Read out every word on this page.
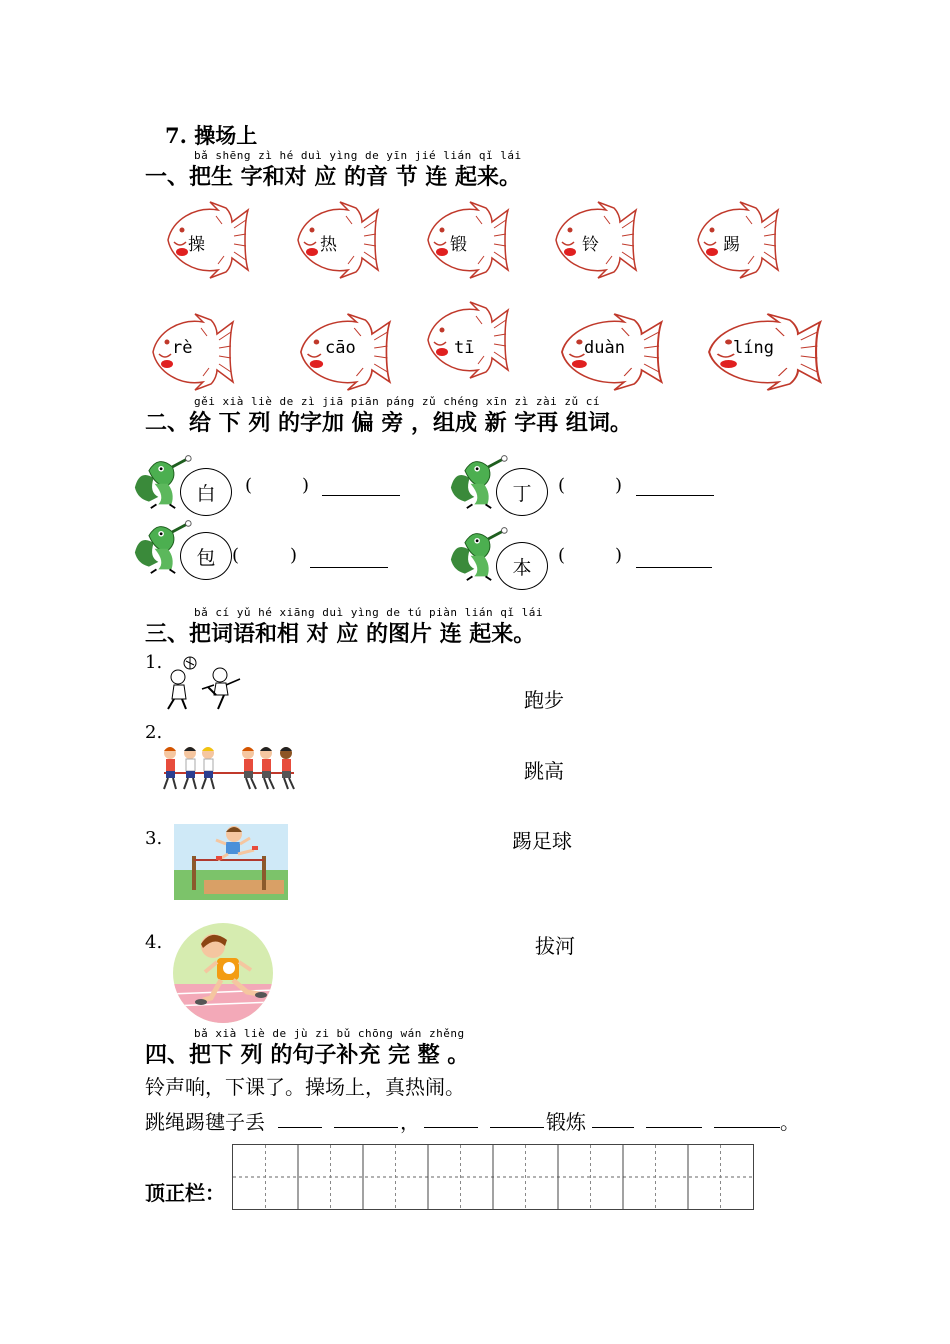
7. 操场上
bǎ shēng zì hé duì yìng de yīn jié lián qǐ lái
一、把生 字和对 应 的音 节 连 起来。
操	热	锻	铃	踢
rè	cāo	tī	duàn	líng
gěi xià liè de zì jiā piān páng zǔ chéng xīn zì zài zǔ cí
二、给 下 列 的字加 偏 旁 ，组成 新 字再 组词。
白	丁
包	本
(	)	(	)
(	)	(	)
bǎ cí yǔ hé xiāng duì yìng de tú piàn lián qǐ lái
三、把词语和相 对 应 的图片 连 起来。
1.
2.
3.
4.
跑步
跳高
踢足球
拔河
bǎ xià liè de jù zi bǔ chōng wán zhěng
四、把下 列 的句子补充 完 整 。
铃声响，下课了。操场上，真热闹。
跳绳踢毽子丢	，	锻炼	。
顶正栏：
